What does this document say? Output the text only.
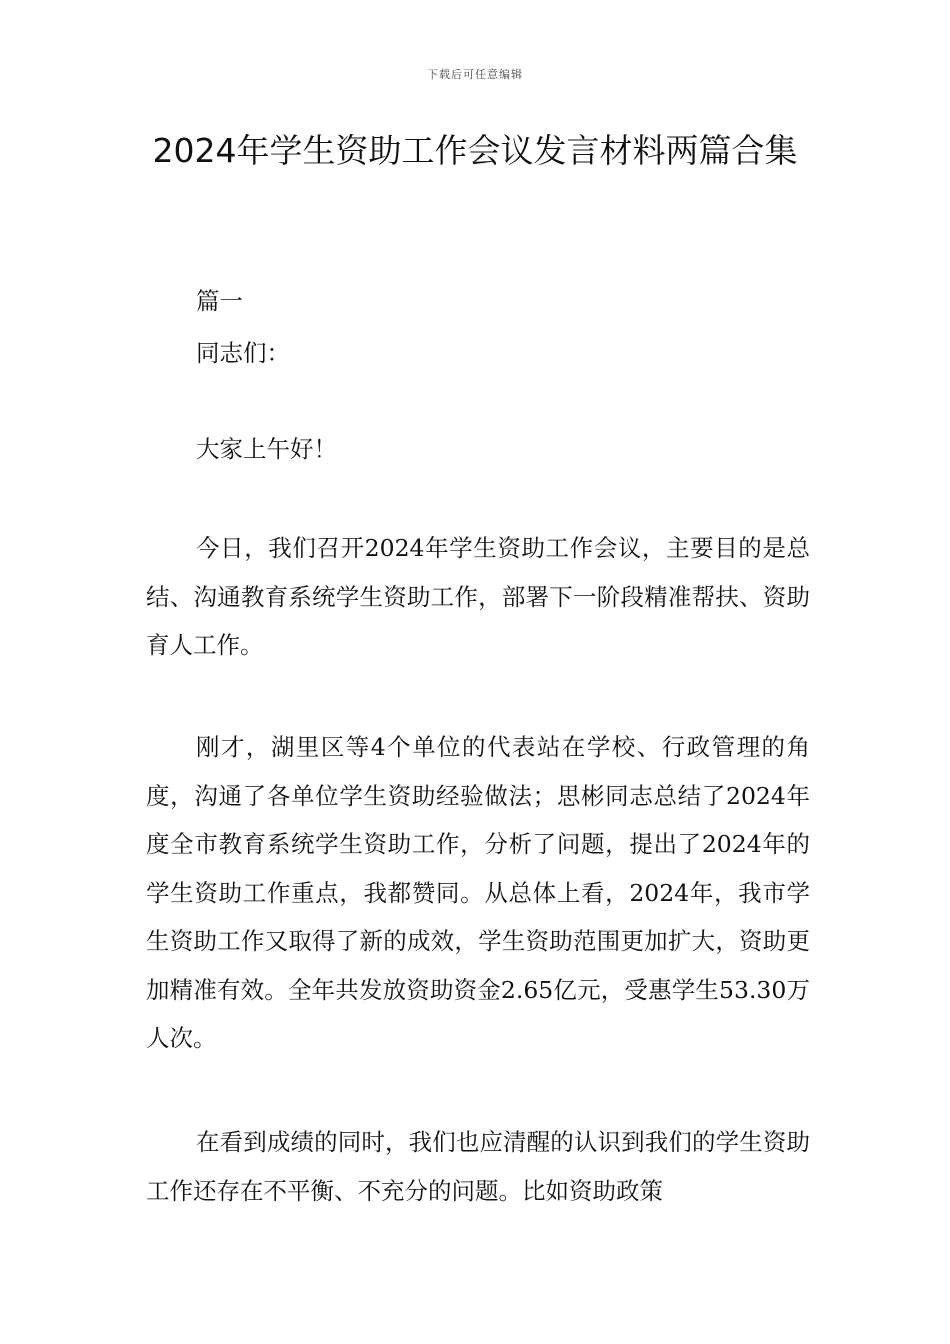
下载后可任意编辑
2024年学生资助工作会议发言材料两篇合集

篇一

同志们：

大家上午好！

今日，我们召开2024年学生资助工作会议，主要目的是总结、沟通教育系统学生资助工作，部署下一阶段精准帮扶、资助育人工作。

刚才，湖里区等4个单位的代表站在学校、行政管理的角度，沟通了各单位学生资助经验做法；思彬同志总结了2024年度全市教育系统学生资助工作，分析了问题，提出了2024年的学生资助工作重点，我都赞同。从总体上看，2024年，我市学生资助工作又取得了新的成效，学生资助范围更加扩大，资助更加精准有效。全年共发放资助资金2.65亿元，受惠学生53.30万人次。

在看到成绩的同时，我们也应清醒的认识到我们的学生资助工作还存在不平衡、不充分的问题。比如资助政策
